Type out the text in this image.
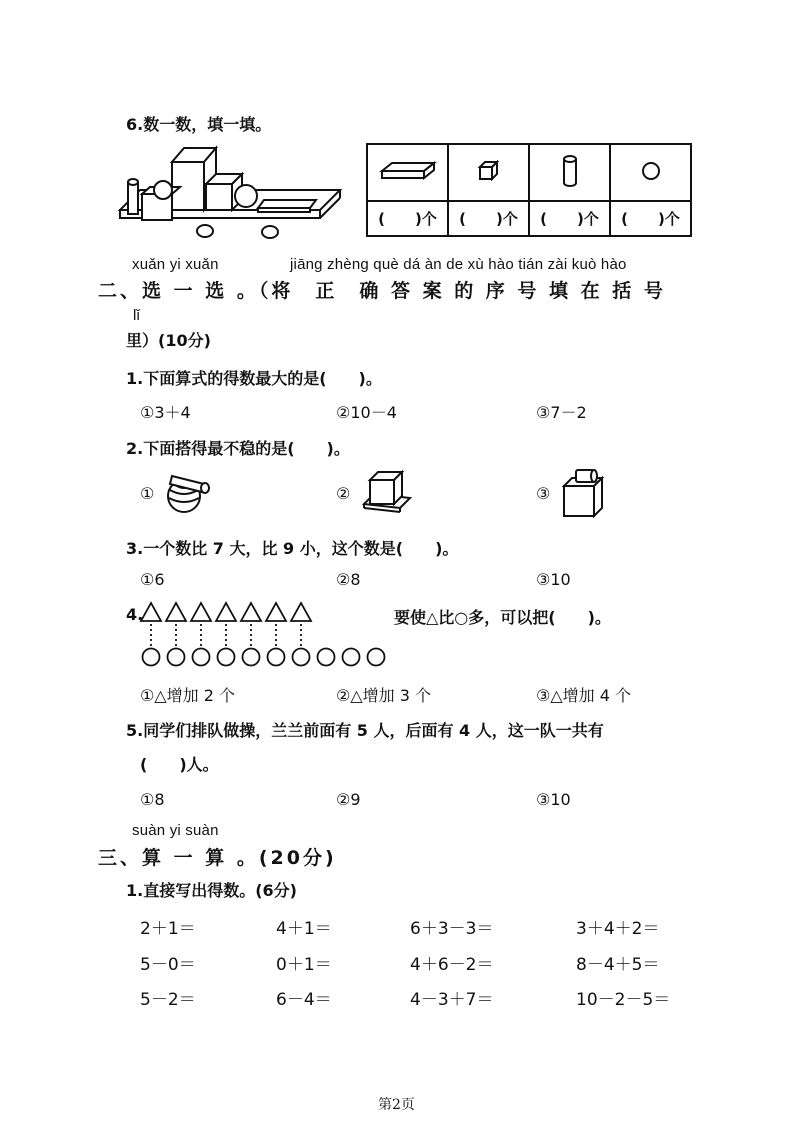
6.数一数，填一填。

(　　)个	(　　)个	(　　)个	(　　)个
xuǎn yi xuǎn	jiāng zhèng què dá àn de xù hào tián zài kuò hào
二、选 一 选 。（将　正　确 答 案 的 序 号 填 在 括 号
lǐ
里）(10分)
1.下面算式的得数最大的是(　　)。
①3＋4	②10－4	③7－2
2.下面搭得最不稳的是(　　)。
①	②	③
3.一个数比 7 大，比 9 小，这个数是(　　)。
①6	②8	③10
4.	要使△比○多，可以把(　　)。
①△增加 2 个	②△增加 3 个	③△增加 4 个
5.同学们排队做操，兰兰前面有 5 人，后面有 4 人，这一队一共有
(　　)人。
①8	②9	③10
suàn yi suàn
三、算 一 算 。(20分)
1.直接写出得数。(6分)
2＋1＝	4＋1＝	6＋3－3＝	3＋4＋2＝
5－0＝	0＋1＝	4＋6－2＝	8－4＋5＝
5－2＝	6－4＝	4－3＋7＝	10－2－5＝
第2页
